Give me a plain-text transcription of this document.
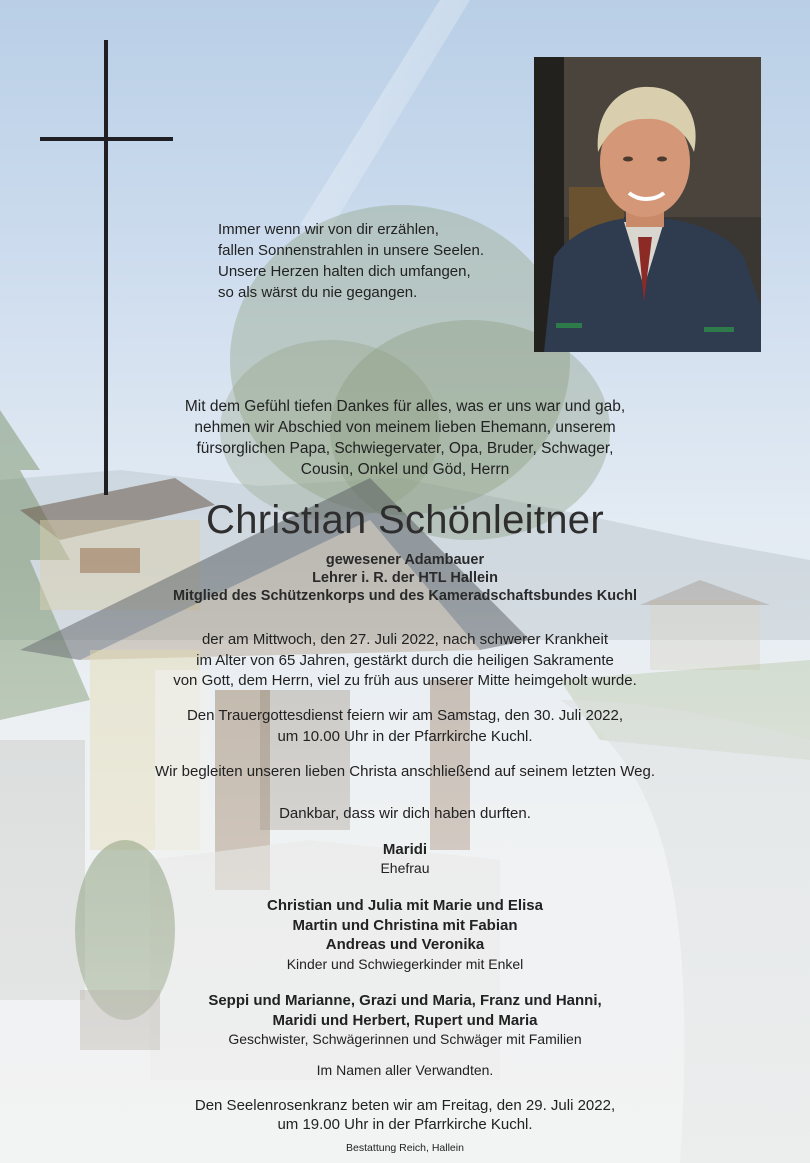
Immer wenn wir von dir erzählen,
fallen Sonnenstrahlen in unsere Seelen.
Unsere Herzen halten dich umfangen,
so als wärst du nie gegangen.
Mit dem Gefühl tiefen Dankes für alles, was er uns war und gab,
nehmen wir Abschied von meinem lieben Ehemann, unserem
fürsorglichen Papa, Schwiegervater, Opa, Bruder, Schwager,
Cousin, Onkel und Göd, Herrn
Christian Schönleitner
gewesener Adambauer
Lehrer i. R. der HTL Hallein
Mitglied des Schützenkorps und des Kameradschaftsbundes Kuchl
der am Mittwoch, den 27. Juli 2022, nach schwerer Krankheit
im Alter von 65 Jahren, gestärkt durch die heiligen Sakramente
von Gott, dem Herrn, viel zu früh aus unserer Mitte heimgeholt wurde.
Den Trauergottesdienst feiern wir am Samstag, den 30. Juli 2022,
um 10.00 Uhr in der Pfarrkirche Kuchl.
Wir begleiten unseren lieben Christa anschließend auf seinem letzten Weg.
Dankbar, dass wir dich haben durften.
Maridi
Ehefrau
Christian und Julia mit Marie und Elisa
Martin und Christina mit Fabian
Andreas und Veronika
Kinder und Schwiegerkinder mit Enkel
Seppi und Marianne, Grazi und Maria, Franz und Hanni,
Maridi und Herbert, Rupert und Maria
Geschwister, Schwägerinnen und Schwäger mit Familien
Im Namen aller Verwandten.
Den Seelenrosenkranz beten wir am Freitag, den 29. Juli 2022,
um 19.00 Uhr in der Pfarrkirche Kuchl.
Bestattung Reich, Hallein
